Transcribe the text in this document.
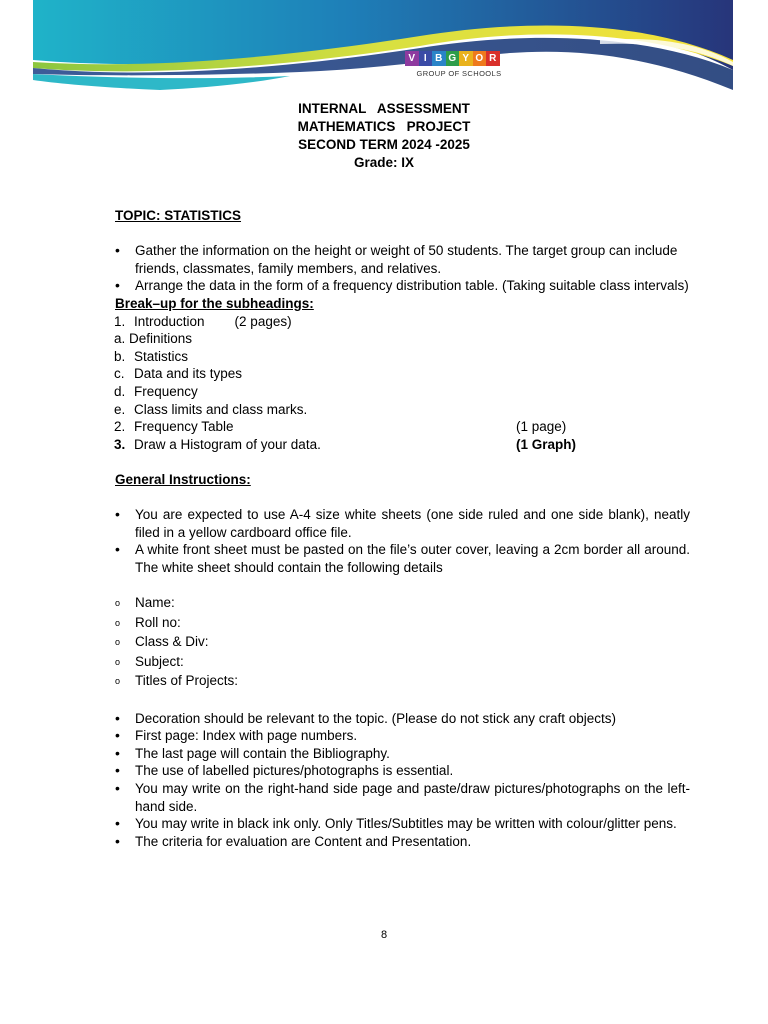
V I B G Y O R
GROUP OF SCHOOLS
INTERNAL   ASSESSMENT
MATHEMATICS   PROJECT
SECOND TERM 2024 -2025
Grade: IX
TOPIC: STATISTICS
•
Gather the information on the height or weight of 50 students. The target group can include friends, classmates, family members, and relatives.
•
Arrange the data in the form of a frequency distribution table. (Taking suitable class intervals)
Break–up for the subheadings:
1. Introduction        (2 pages)
a. Definitions
b. Statistics
c. Data and its types
d. Frequency
e. Class limits and class marks.
2. Frequency Table	(1 page)
3. Draw a Histogram of your data.	(1 Graph)
General Instructions:
•
You are expected to use A-4 size white sheets (one side ruled and one side blank), neatly filed in a yellow cardboard office file.
•
A white front sheet must be pasted on the file’s outer cover, leaving a 2cm border all around. The white sheet should contain the following details
o
Name:
o
Roll no:
o
Class & Div:
o
Subject:
o
Titles of Projects:
•
Decoration should be relevant to the topic. (Please do not stick any craft objects)
•
First page: Index with page numbers.
•
The last page will contain the Bibliography.
•
The use of labelled pictures/photographs is essential.
•
You may write on the right-hand side page and paste/draw pictures/photographs on the left-hand side.
•
You may write in black ink only. Only Titles/Subtitles may be written with colour/glitter pens.
•
The criteria for evaluation are Content and Presentation.
8
